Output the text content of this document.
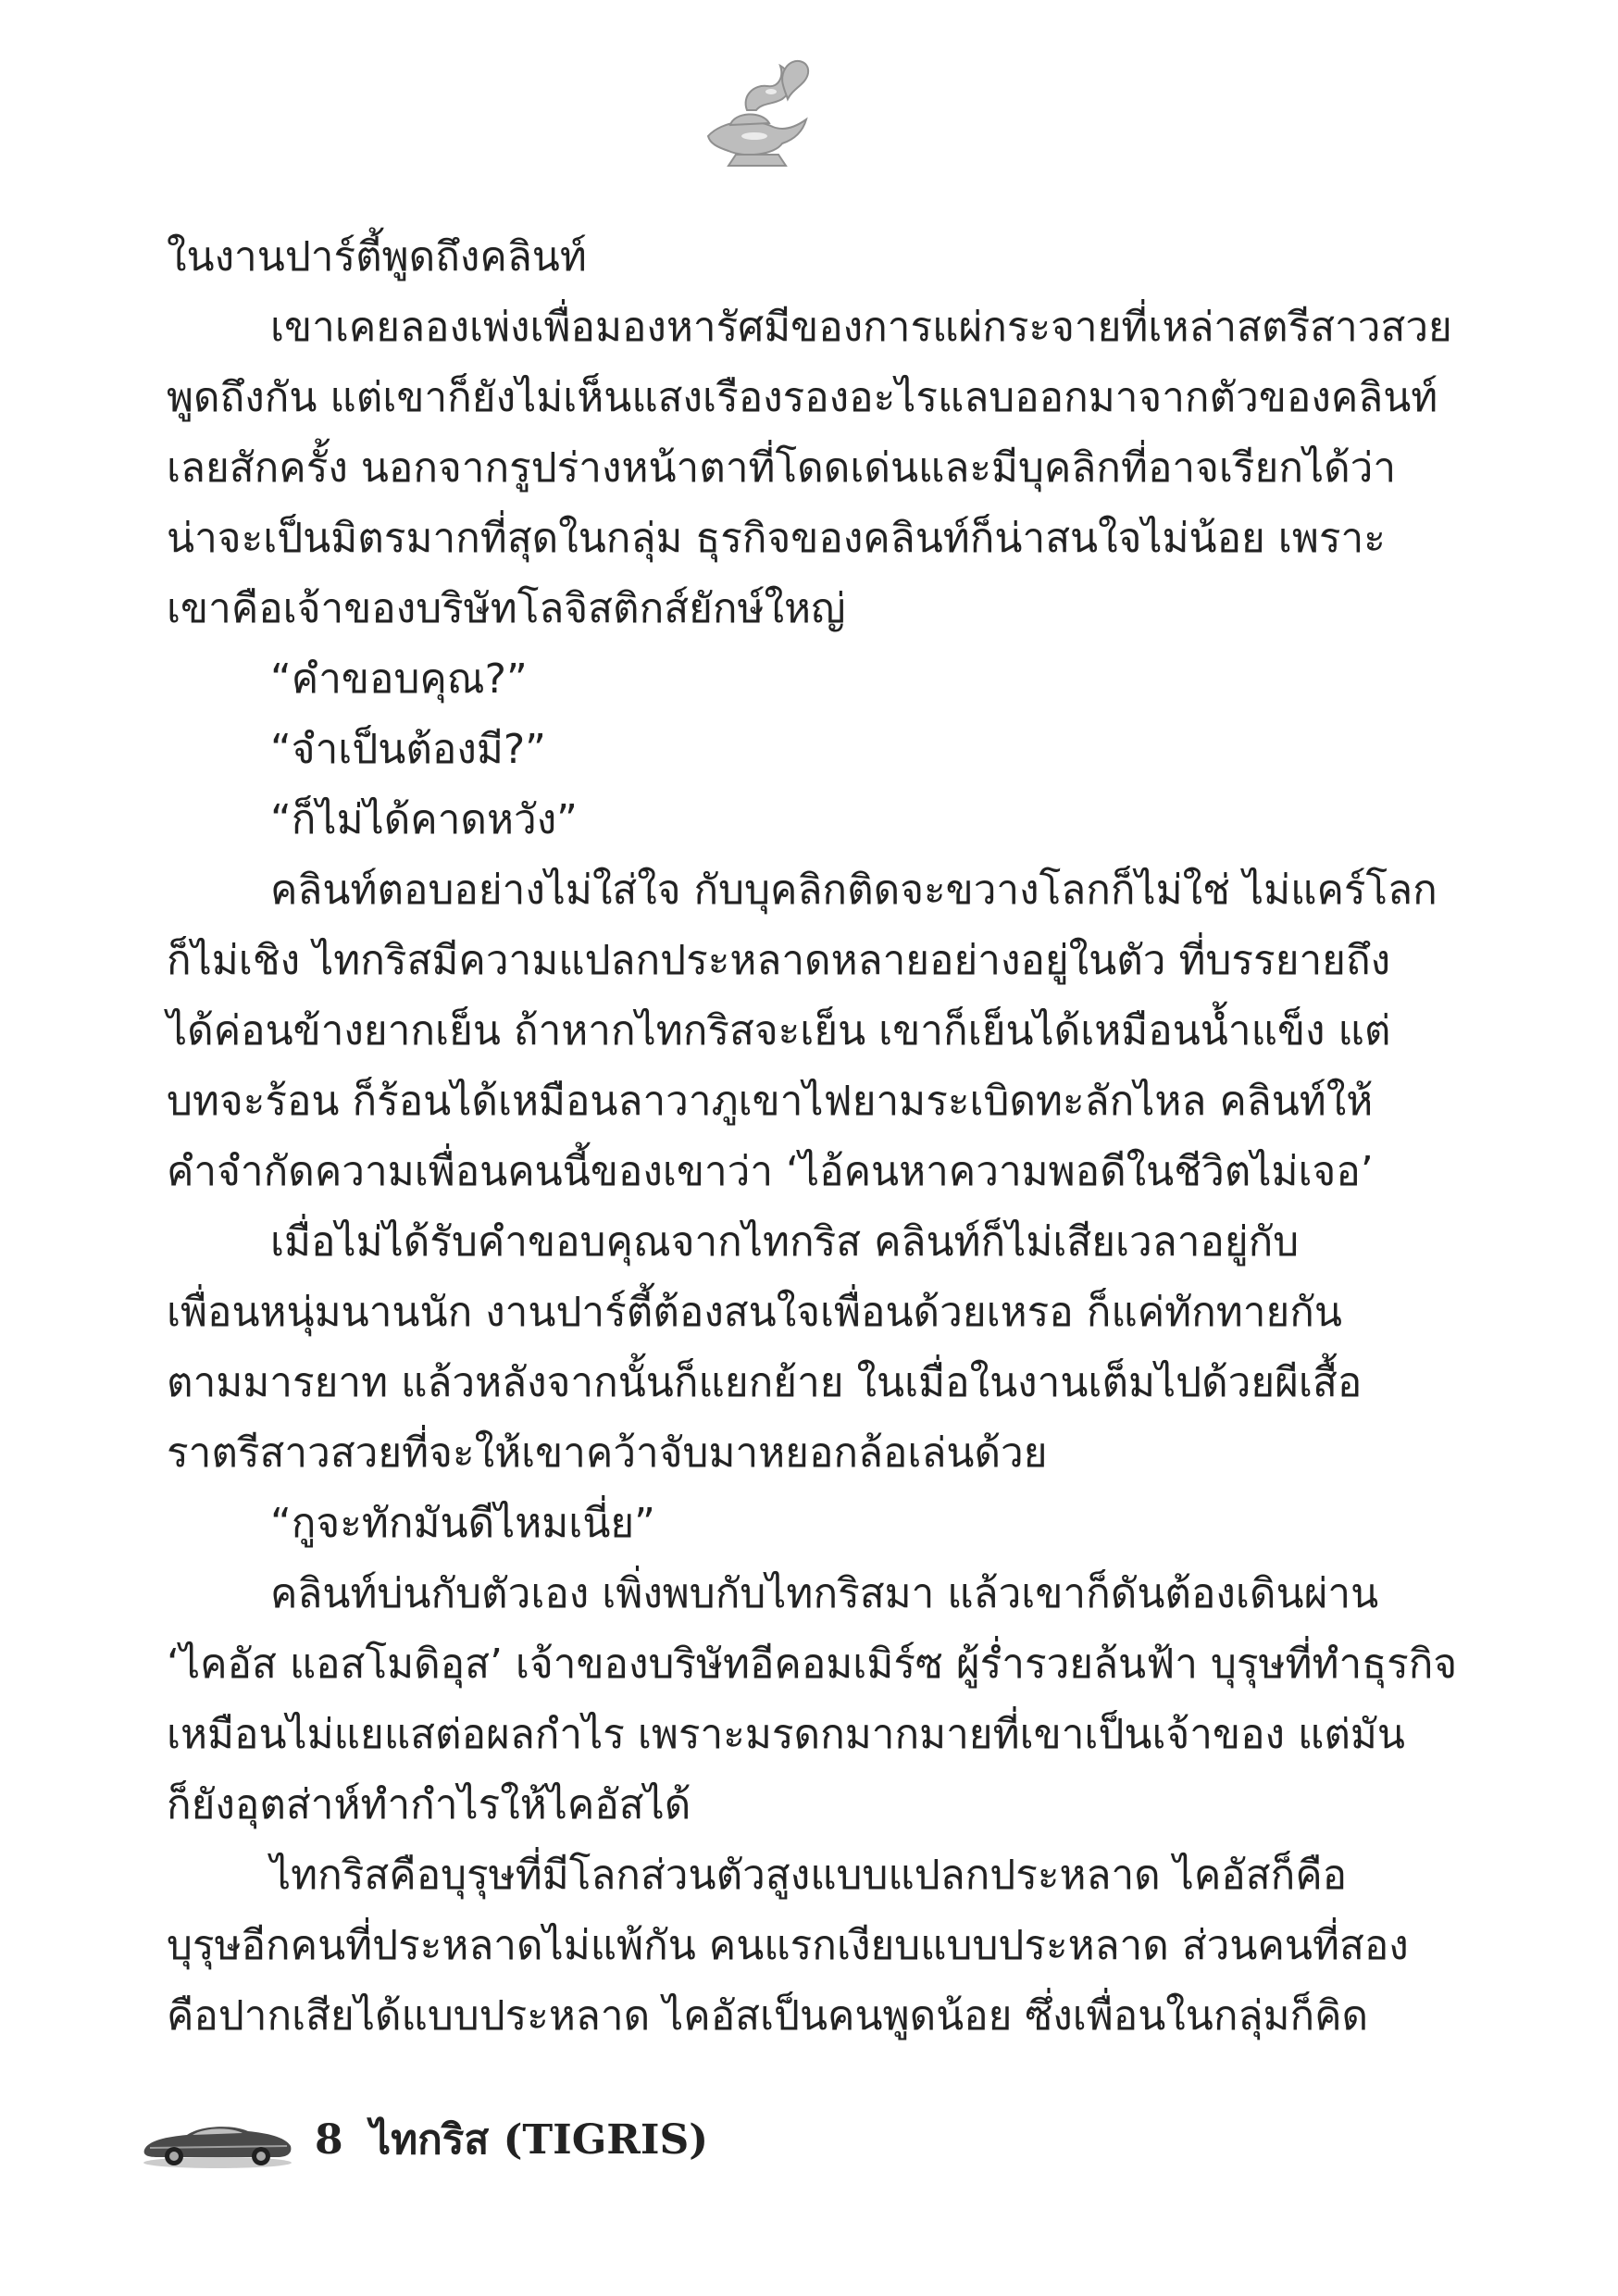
ในงานปาร์ตี้พูดถึงคลินท์

เขาเคยลองเพ่งเพื่อมองหารัศมีของการแผ่กระจายที่เหล่าสตรีสาวสวย

พูดถึงกัน แต่เขาก็ยังไม่เห็นแสงเรืองรองอะไรแลบออกมาจากตัวของคลินท์

เลยสักครั้ง นอกจากรูปร่างหน้าตาที่โดดเด่นและมีบุคลิกที่อาจเรียกได้ว่า

น่าจะเป็นมิตรมากที่สุดในกลุ่ม ธุรกิจของคลินท์ก็น่าสนใจไม่น้อย เพราะ

เขาคือเจ้าของบริษัทโลจิสติกส์ยักษ์ใหญ่

“คำขอบคุณ?”

“จำเป็นต้องมี?”

“ก็ไม่ได้คาดหวัง”

คลินท์ตอบอย่างไม่ใส่ใจ กับบุคลิกติดจะขวางโลกก็ไม่ใช่ ไม่แคร์โลก

ก็ไม่เชิง ไทกริสมีความแปลกประหลาดหลายอย่างอยู่ในตัว ที่บรรยายถึง

ได้ค่อนข้างยากเย็น ถ้าหากไทกริสจะเย็น เขาก็เย็นได้เหมือนน้ำแข็ง แต่

บทจะร้อน ก็ร้อนได้เหมือนลาวาภูเขาไฟยามระเบิดทะลักไหล คลินท์ให้

คำจำกัดความเพื่อนคนนี้ของเขาว่า ‘ไอ้คนหาความพอดีในชีวิตไม่เจอ’

เมื่อไม่ได้รับคำขอบคุณจากไทกริส คลินท์ก็ไม่เสียเวลาอยู่กับ

เพื่อนหนุ่มนานนัก งานปาร์ตี้ต้องสนใจเพื่อนด้วยเหรอ ก็แค่ทักทายกัน

ตามมารยาท แล้วหลังจากนั้นก็แยกย้าย ในเมื่อในงานเต็มไปด้วยผีเสื้อ

ราตรีสาวสวยที่จะให้เขาคว้าจับมาหยอกล้อเล่นด้วย

“กูจะทักมันดีไหมเนี่ย”

คลินท์บ่นกับตัวเอง เพิ่งพบกับไทกริสมา แล้วเขาก็ดันต้องเดินผ่าน

‘ไคอัส แอสโมดิอุส’ เจ้าของบริษัทอีคอมเมิร์ซ ผู้ร่ำรวยล้นฟ้า บุรุษที่ทำธุรกิจ

เหมือนไม่แยแสต่อผลกำไร เพราะมรดกมากมายที่เขาเป็นเจ้าของ แต่มัน

ก็ยังอุตส่าห์ทำกำไรให้ไคอัสได้

ไทกริสคือบุรุษที่มีโลกส่วนตัวสูงแบบแปลกประหลาด ไคอัสก็คือ

บุรุษอีกคนที่ประหลาดไม่แพ้กัน คนแรกเงียบแบบประหลาด ส่วนคนที่สอง

คือปากเสียได้แบบประหลาด ไคอัสเป็นคนพูดน้อย ซึ่งเพื่อนในกลุ่มก็คิด

8 ไทกริส (TIGRIS)
